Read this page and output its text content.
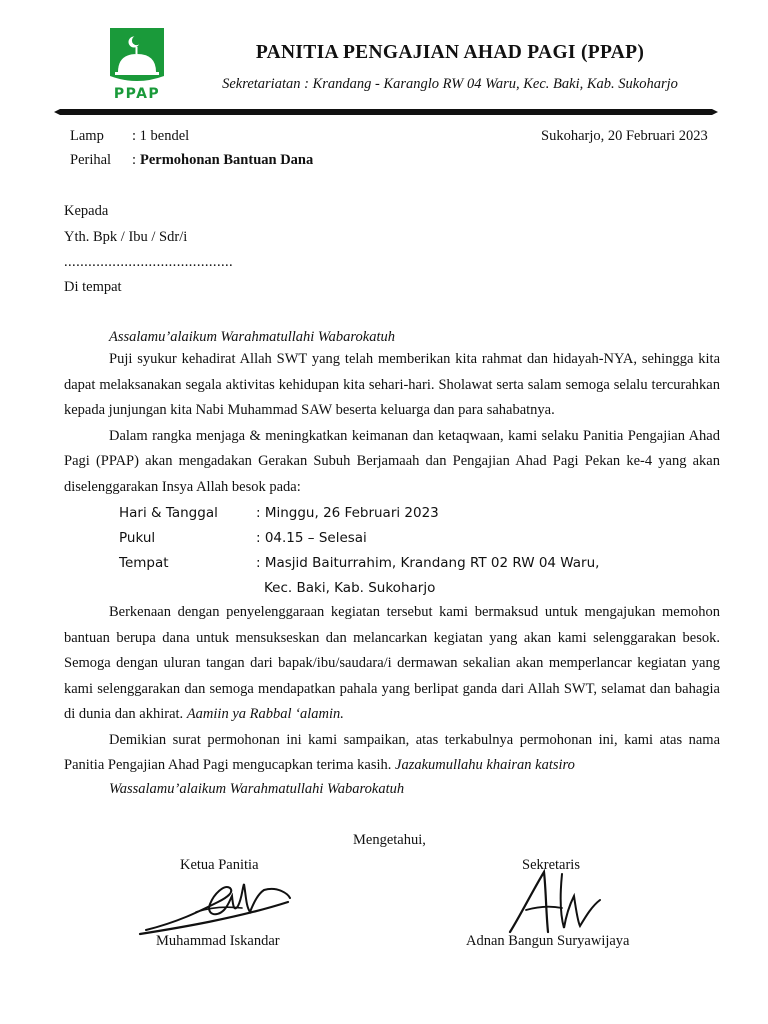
PPAP
PANITIA PENGAJIAN AHAD PAGI (PPAP)
Sekretariatan : Krandang - Karanglo RW 04 Waru, Kec. Baki, Kab. Sukoharjo
Lamp : 1 bendel	Sukoharjo, 20 Februari 2023
Perihal : Permohonan Bantuan Dana
Kepada
Yth. Bpk / Ibu / Sdr/i
..........................................
Di tempat
Assalamu’alaikum Warahmatullahi Wabarokatuh

Puji syukur kehadirat Allah SWT yang telah memberikan kita rahmat dan hidayah-NYA, sehingga kita dapat melaksanakan segala aktivitas kehidupan kita sehari-hari. Sholawat serta salam semoga selalu tercurahkan kepada junjungan kita Nabi Muhammad SAW beserta keluarga dan para sahabatnya.

Dalam rangka menjaga & meningkatkan keimanan dan ketaqwaan, kami selaku Panitia Pengajian Ahad Pagi (PPAP) akan mengadakan Gerakan Subuh Berjamaah dan Pengajian Ahad Pagi Pekan ke-4 yang akan diselenggarakan Insya Allah besok pada:

Hari & Tanggal	: Minggu, 26 Februari 2023
Pukul	: 04.15 – Selesai
Tempat	: Masjid Baiturrahim, Krandang RT 02 RW 04 Waru,
Kec. Baki, Kab. Sukoharjo

Berkenaan dengan penyelenggaraan kegiatan tersebut kami bermaksud untuk mengajukan memohon bantuan berupa dana untuk mensukseskan dan melancarkan kegiatan yang akan kami selenggarakan besok. Semoga dengan uluran tangan dari bapak/ibu/saudara/i dermawan sekalian akan memperlancar kegiatan yang kami selenggarakan dan semoga mendapatkan pahala yang berlipat ganda dari Allah SWT, selamat dan bahagia di dunia dan akhirat. Aamiin ya Rabbal ‘alamin.

Demikian surat permohonan ini kami sampaikan, atas terkabulnya permohonan ini, kami atas nama Panitia Pengajian Ahad Pagi mengucapkan terima kasih. Jazakumullahu khairan katsiro

Wassalamu’alaikum Warahmatullahi Wabarokatuh
Mengetahui,
Ketua Panitia	Sekretaris
Muhammad Iskandar	Adnan Bangun Suryawijaya
